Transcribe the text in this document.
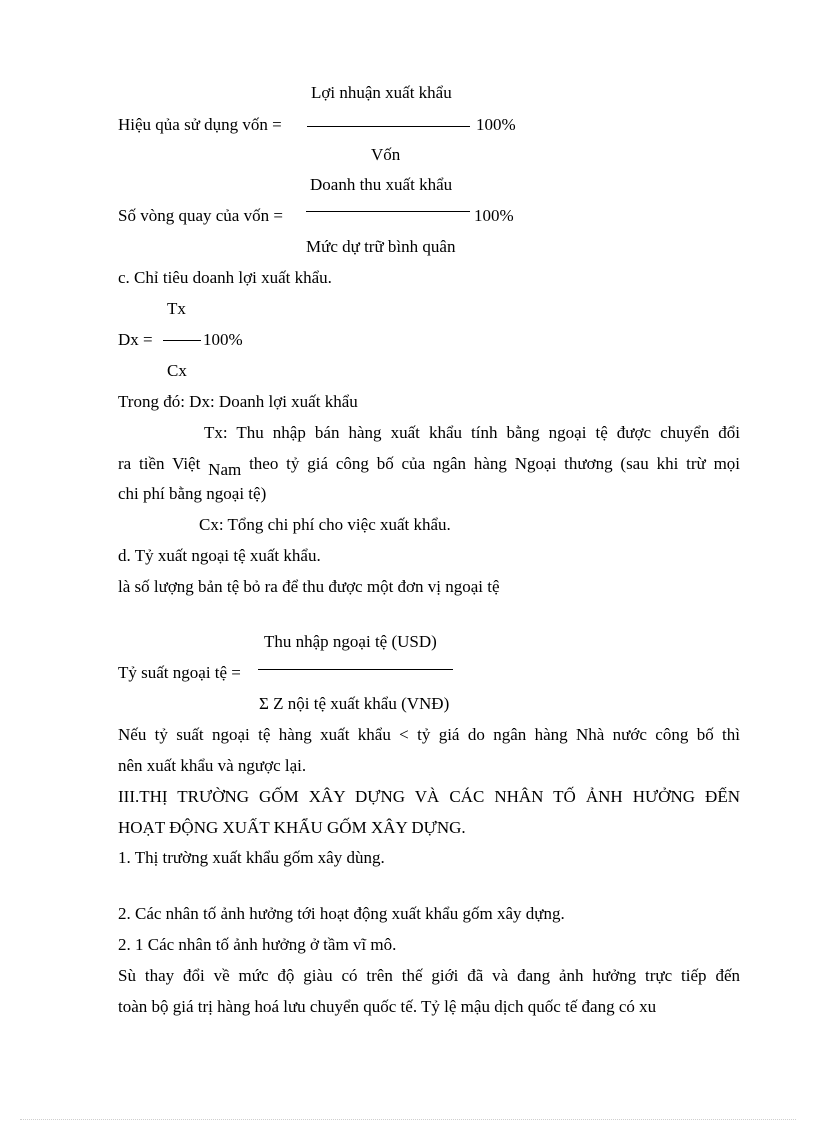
Lợi nhuận xuất khẩu
Hiệu qủa sử dụng vốn =	100%
Vốn
Doanh thu xuất khẩu
Số vòng quay của vốn =	100%
Mức dự trữ bình quân
c. Chỉ tiêu doanh lợi xuất khẩu.
Tx
Dx =	100%
Cx
Trong đó: Dx: Doanh lợi xuất khẩu
Tx: Thu nhập bán hàng xuất khẩu tính bằng ngoại tệ được chuyển đổi
ra tiền Việt Nam theo tỷ giá công bố của ngân hàng Ngoại thương (sau khi trừ mọi
chi phí bằng ngoại tệ)
Cx: Tổng chi phí cho việc xuất khẩu.
d. Tỷ xuất ngoại tệ xuất khẩu.
là số lượng bản tệ bỏ ra để thu được một đơn vị ngoại tệ
Thu nhập ngoại tệ (USD)
Tỷ suất ngoại tệ =
Σ Z nội tệ xuất khẩu (VNĐ)
Nếu tỷ suất ngoại tệ hàng xuất khẩu < tỷ giá do ngân hàng Nhà nước công bố thì
nên xuất khẩu và ngược lại.
III.THỊ TRƯỜNG GỐM XÂY DỰNG VÀ CÁC NHÂN TỐ ẢNH HƯỞNG ĐẾN
HOẠT ĐỘNG XUẤT KHẨU GỐM XÂY DỰNG.
1. Thị trường xuất khẩu gốm xây dùng.
2. Các nhân tố ảnh hưởng tới hoạt động xuất khẩu gốm xây dựng.
2. 1 Các nhân tố ảnh hưởng ở tầm vĩ mô.
Sù thay đổi về mức độ giàu có trên thế giới đã và đang ảnh hưởng trực tiếp đến
toàn bộ giá trị hàng hoá lưu chuyển quốc tế. Tỷ lệ mậu dịch quốc tế đang có xu
